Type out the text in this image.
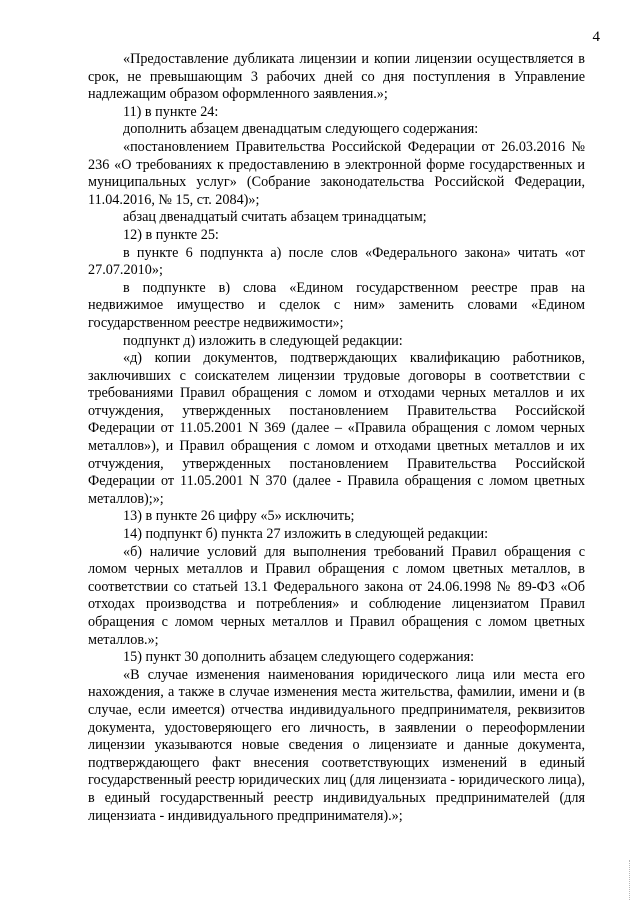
4

«Предоставление дубликата лицензии и копии лицензии осуществляется в срок, не превышающим 3 рабочих дней со дня поступления в Управление надлежащим образом оформленного заявления.»;

11) в пункте 24:

дополнить абзацем двенадцатым следующего содержания:

«постановлением Правительства Российской Федерации от 26.03.2016 № 236 «О требованиях к предоставлению в электронной форме государственных и муниципальных услуг» (Собрание законодательства Российской Федерации, 11.04.2016, № 15, ст. 2084)»;

абзац двенадцатый считать абзацем тринадцатым;

12) в пункте 25:

в пункте 6 подпункта а) после слов «Федерального закона» читать «от 27.07.2010»;

в подпункте в) слова «Едином государственном реестре прав на недвижимое имущество и сделок с ним» заменить словами «Едином государственном реестре недвижимости»;

подпункт д) изложить в следующей редакции:

«д) копии документов, подтверждающих квалификацию работников, заключивших с соискателем лицензии трудовые договоры в соответствии с требованиями Правил обращения с ломом и отходами черных металлов и их отчуждения, утвержденных постановлением Правительства Российской Федерации от 11.05.2001 N 369 (далее – «Правила обращения с ломом черных металлов»), и Правил обращения с ломом и отходами цветных металлов и их отчуждения, утвержденных постановлением Правительства Российской Федерации от 11.05.2001 N 370 (далее - Правила обращения с ломом цветных металлов);»;

13) в пункте 26 цифру «5» исключить;

14) подпункт б) пункта 27 изложить в следующей редакции:

«б) наличие условий для выполнения требований Правил обращения с ломом черных металлов и Правил обращения с ломом цветных металлов, в соответствии со статьей 13.1 Федерального закона от 24.06.1998 № 89-ФЗ «Об отходах производства и потребления» и соблюдение лицензиатом Правил обращения с ломом черных металлов и Правил обращения с ломом цветных металлов.»;

15) пункт 30 дополнить абзацем следующего содержания:

«В случае изменения наименования юридического лица или места его нахождения, а также в случае изменения места жительства, фамилии, имени и (в случае, если имеется) отчества индивидуального предпринимателя, реквизитов документа, удостоверяющего его личность, в заявлении о переоформлении лицензии указываются новые сведения о лицензиате и данные документа, подтверждающего факт внесения соответствующих изменений в единый государственный реестр юридических лиц (для лицензиата - юридического лица), в единый государственный реестр индивидуальных предпринимателей (для лицензиата - индивидуального предпринимателя).»;
